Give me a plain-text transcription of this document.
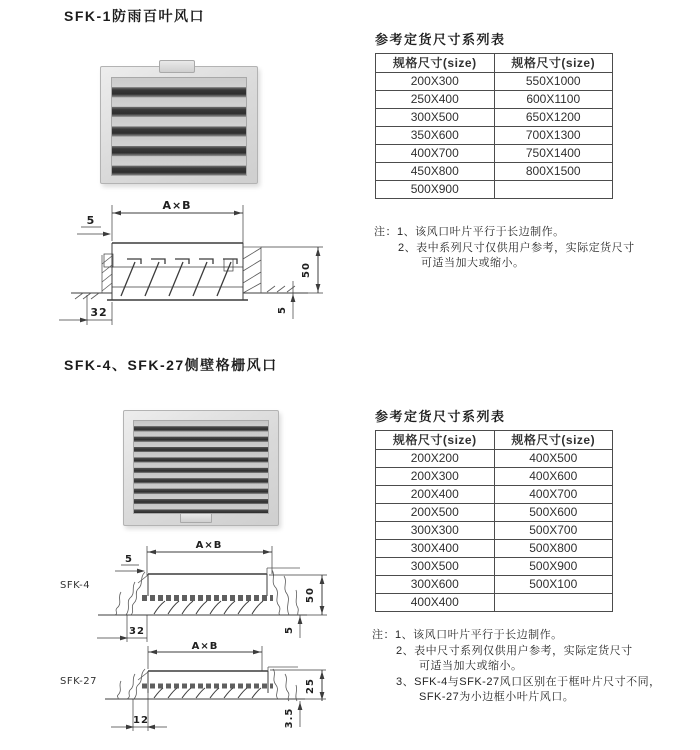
SFK-1防雨百叶风口
参考定货尺寸系列表
规格尺寸(size)	规格尺寸(size)
200X300	550X1000
250X400	600X1100
300X500	650X1200
350X600	700X1300
400X700	750X1400
450X800	800X1500
500X900	
注：1、该风口叶片平行于长边制作。
2、表中系列尺寸仅供用户参考，实际定货尺寸
可适当加大或缩小。
A×B
5
50
5
32
SFK-4、SFK-27侧壁格栅风口
参考定货尺寸系列表
规格尺寸(size)	规格尺寸(size)
200X200	400X500
200X300	400X600
200X400	400X700
200X500	500X600
300X300	500X700
300X400	500X800
300X500	500X900
300X600	500X100
400X400	
注：1、该风口叶片平行于长边制作。
2、表中尺寸系列仅供用户参考，实际定货尺寸
可适当加大或缩小。
3、SFK-4与SFK-27风口区别在于框叶片尺寸不同，
SFK-27为小边框小叶片风口。
SFK-4
A×B
5
50
5
32
SFK-27
A×B
25
3.5
12
